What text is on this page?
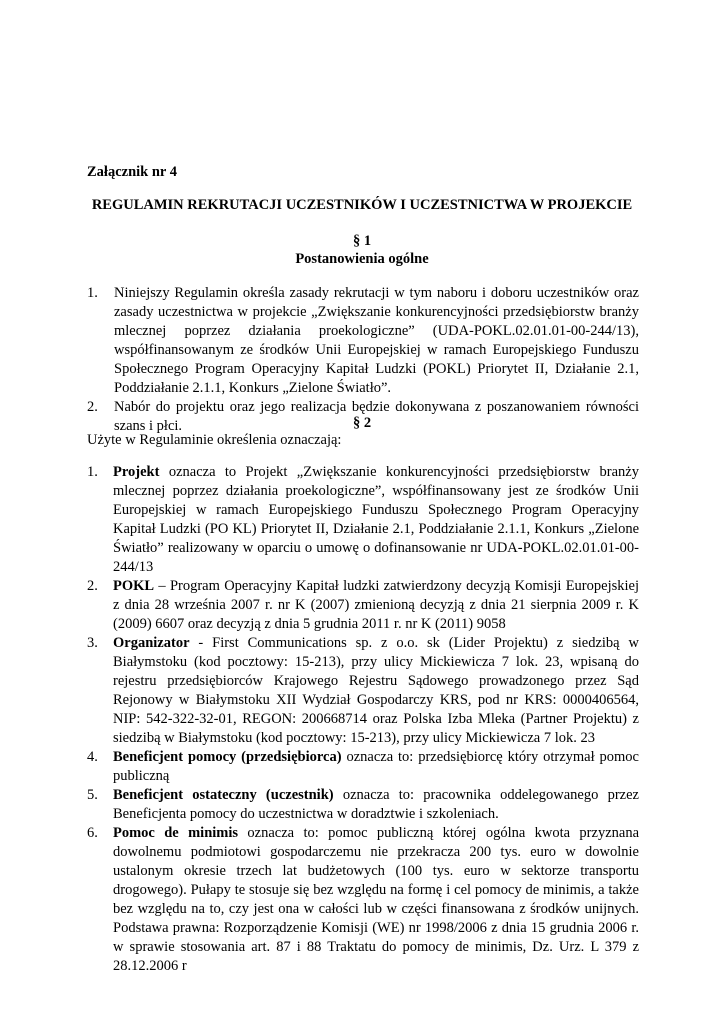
Załącznik nr 4
REGULAMIN REKRUTACJI UCZESTNIKÓW I UCZESTNICTWA W PROJEKCIE
§ 1
Postanowienia ogólne
1. Niniejszy Regulamin określa zasady rekrutacji w tym naboru i doboru uczestników oraz zasady uczestnictwa w projekcie „Zwiększanie konkurencyjności przedsiębiorstw branży mlecznej poprzez działania proekologiczne” (UDA-POKL.02.01.01-00-244/13), współfinansowanym ze środków Unii Europejskiej w ramach Europejskiego Funduszu Społecznego Program Operacyjny Kapitał Ludzki (POKL) Priorytet II, Działanie 2.1, Poddziałanie 2.1.1, Konkurs „Zielone Światło”.
2. Nabór do projektu oraz jego realizacja będzie dokonywana z poszanowaniem równości szans i płci.	§ 2
Użyte w Regulaminie określenia oznaczają:
1. Projekt oznacza to Projekt „Zwiększanie konkurencyjności przedsiębiorstw branży mlecznej poprzez działania proekologiczne”, współfinansowany jest ze środków Unii Europejskiej w ramach Europejskiego Funduszu Społecznego Program Operacyjny Kapitał Ludzki (PO KL) Priorytet II, Działanie 2.1, Poddziałanie 2.1.1, Konkurs „Zielone Światło” realizowany w oparciu o umowę o dofinansowanie nr UDA-POKL.02.01.01-00-244/13
2. POKL – Program Operacyjny Kapitał ludzki zatwierdzony decyzją Komisji Europejskiej z dnia 28 września 2007 r. nr K (2007) zmienioną decyzją z dnia 21 sierpnia 2009 r. K (2009) 6607 oraz decyzją z dnia 5 grudnia 2011 r. nr K (2011) 9058
3. Organizator - First Communications sp. z o.o. sk (Lider Projektu) z siedzibą w Białymstoku (kod pocztowy: 15-213), przy ulicy Mickiewicza 7 lok. 23, wpisaną do rejestru przedsiębiorców Krajowego Rejestru Sądowego prowadzonego przez Sąd Rejonowy w Białymstoku XII Wydział Gospodarczy KRS, pod nr KRS: 0000406564, NIP: 542-322-32-01, REGON: 200668714 oraz Polska Izba Mleka (Partner Projektu) z siedzibą w Białymstoku (kod pocztowy: 15-213), przy ulicy Mickiewicza 7 lok. 23
4. Beneficjent pomocy (przedsiębiorca) oznacza to: przedsiębiorcę który otrzymał pomoc publiczną
5. Beneficjent ostateczny (uczestnik) oznacza to: pracownika oddelegowanego przez Beneficjenta pomocy do uczestnictwa w doradztwie i szkoleniach.
6. Pomoc de minimis oznacza to: pomoc publiczną której ogólna kwota przyznana dowolnemu podmiotowi gospodarczemu nie przekracza 200 tys. euro w dowolnie ustalonym okresie trzech lat budżetowych (100 tys. euro w sektorze transportu drogowego). Pułapy te stosuje się bez względu na formę i cel pomocy de minimis, a także bez względu na to, czy jest ona w całości lub w części finansowana z środków unijnych. Podstawa prawna: Rozporządzenie Komisji (WE) nr 1998/2006 z dnia 15 grudnia 2006 r. w sprawie stosowania art. 87 i 88 Traktatu do pomocy de minimis, Dz. Urz. L 379 z 28.12.2006 r
